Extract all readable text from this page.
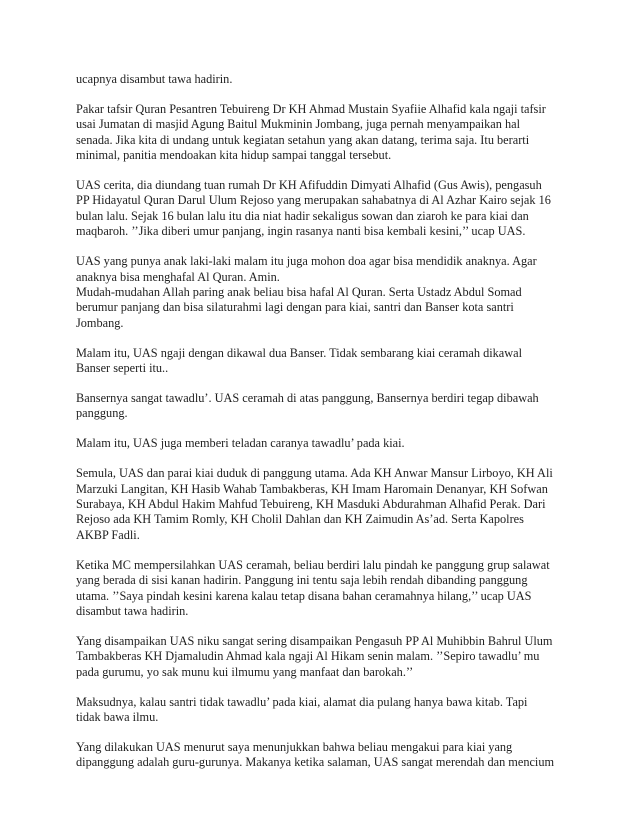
ucapnya disambut tawa hadirin.
Pakar tafsir Quran Pesantren Tebuireng Dr KH Ahmad Mustain Syafiie Alhafid kala ngaji tafsir
usai Jumatan di masjid Agung Baitul Mukminin Jombang, juga pernah menyampaikan hal
senada. Jika kita di undang untuk kegiatan setahun yang akan datang, terima saja. Itu berarti
minimal, panitia mendoakan kita hidup sampai tanggal tersebut.
UAS cerita, dia diundang tuan rumah Dr KH Afifuddin Dimyati Alhafid (Gus Awis), pengasuh
PP Hidayatul Quran Darul Ulum Rejoso yang merupakan sahabatnya di Al Azhar Kairo sejak 16
bulan lalu. Sejak 16 bulan lalu itu dia niat hadir sekaligus sowan dan ziaroh ke para kiai dan
maqbaroh. ’’Jika diberi umur panjang, ingin rasanya nanti bisa kembali kesini,’’ ucap UAS.
UAS yang punya anak laki-laki malam itu juga mohon doa agar bisa mendidik anaknya. Agar
anaknya bisa menghafal Al Quran. Amin.
Mudah-mudahan Allah paring anak beliau bisa hafal Al Quran. Serta Ustadz Abdul Somad
berumur panjang dan bisa silaturahmi lagi dengan para kiai, santri dan Banser kota santri
Jombang.
Malam itu, UAS ngaji dengan dikawal dua Banser. Tidak sembarang kiai ceramah dikawal
Banser seperti itu..
Bansernya sangat tawadlu’. UAS ceramah di atas panggung, Bansernya berdiri tegap dibawah
panggung.
Malam itu, UAS juga memberi teladan caranya tawadlu’ pada kiai.
Semula, UAS dan parai kiai duduk di panggung utama. Ada KH Anwar Mansur Lirboyo, KH Ali
Marzuki Langitan, KH Hasib Wahab Tambakberas, KH Imam Haromain Denanyar, KH Sofwan
Surabaya, KH Abdul Hakim Mahfud Tebuireng, KH Masduki Abdurahman Alhafid Perak. Dari
Rejoso ada KH Tamim Romly, KH Cholil Dahlan dan KH Zaimudin As’ad. Serta Kapolres
AKBP Fadli.
Ketika MC mempersilahkan UAS ceramah, beliau berdiri lalu pindah ke panggung grup salawat
yang berada di sisi kanan hadirin. Panggung ini tentu saja lebih rendah dibanding panggung
utama. ’’Saya pindah kesini karena kalau tetap disana bahan ceramahnya hilang,’’ ucap UAS
disambut tawa hadirin.
Yang disampaikan UAS niku sangat sering disampaikan Pengasuh PP Al Muhibbin Bahrul Ulum
Tambakberas KH Djamaludin Ahmad kala ngaji Al Hikam senin malam. ’’Sepiro tawadlu’ mu
pada gurumu, yo sak munu kui ilmumu yang manfaat dan barokah.’’
Maksudnya, kalau santri tidak tawadlu’ pada kiai, alamat dia pulang hanya bawa kitab. Tapi
tidak bawa ilmu.
Yang dilakukan UAS menurut saya menunjukkan bahwa beliau mengakui para kiai yang
dipanggung adalah guru-gurunya. Makanya ketika salaman, UAS sangat merendah dan mencium
